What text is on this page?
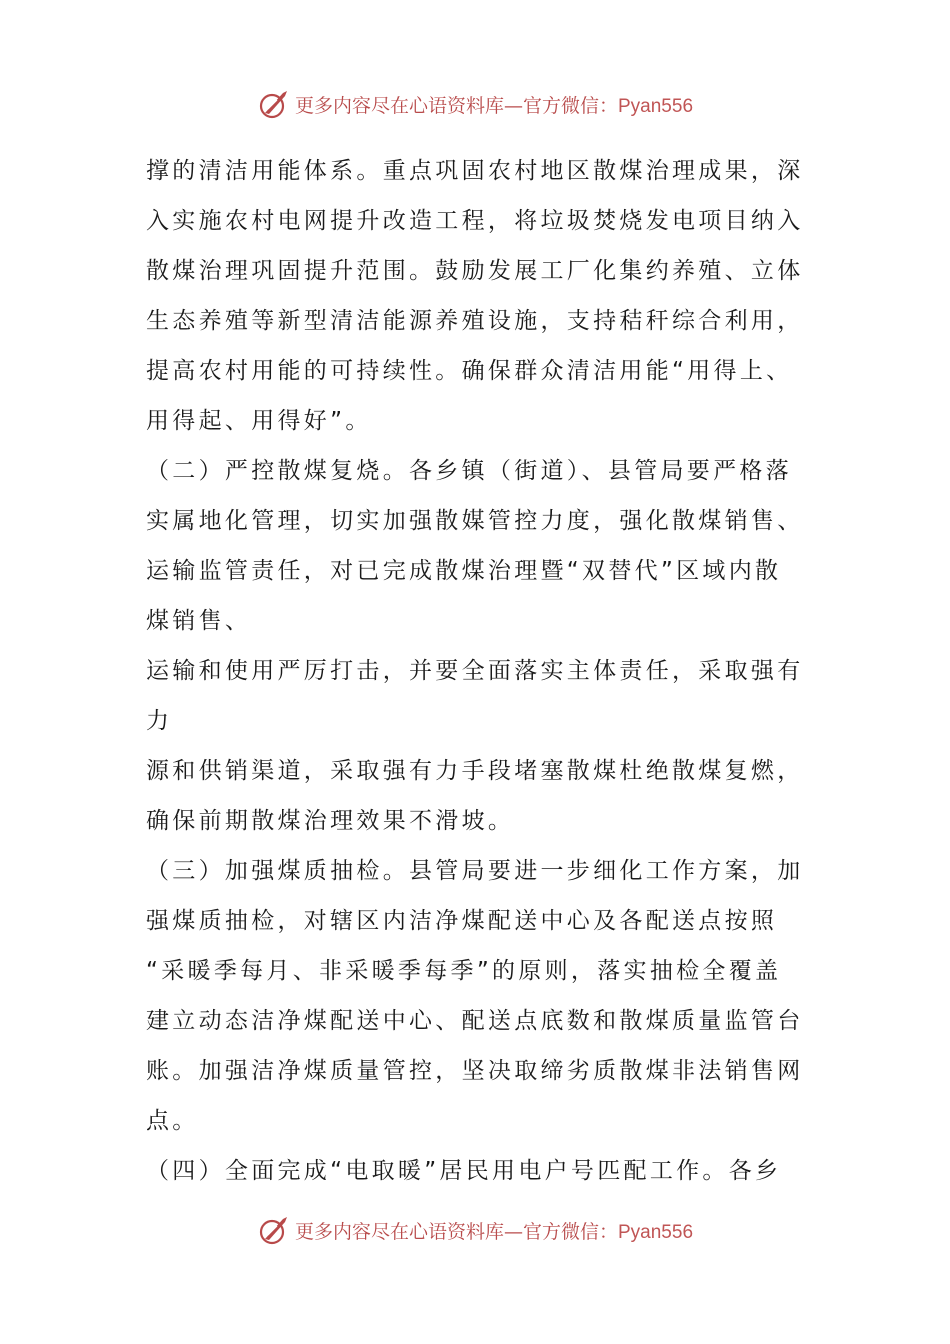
更多内容尽在心语资料库—官方微信：Pyan556
撑的清洁用能体系。重点巩固农村地区散煤治理成果，深
入实施农村电网提升改造工程，将垃圾焚烧发电项目纳入
散煤治理巩固提升范围。鼓励发展工厂化集约养殖、立体
生态养殖等新型清洁能源养殖设施，支持秸秆综合利用，
提高农村用能的可持续性。确保群众清洁用能“用得上、
用得起、用得好”。
（二）严控散煤复烧。各乡镇（街道）、县管局要严格落
实属地化管理，切实加强散媒管控力度，强化散煤销售、
运输监管责任，对已完成散煤治理暨“双替代”区域内散
煤销售、
运输和使用严厉打击，并要全面落实主体责任，采取强有
力
源和供销渠道，采取强有力手段堵塞散煤杜绝散煤复燃，
确保前期散煤治理效果不滑坡。
（三）加强煤质抽检。县管局要进一步细化工作方案，加
强煤质抽检，对辖区内洁净煤配送中心及各配送点按照
“采暖季每月、非采暖季每季”的原则，落实抽检全覆盖
建立动态洁净煤配送中心、配送点底数和散煤质量监管台
账。加强洁净煤质量管控，坚决取缔劣质散煤非法销售网
点。
（四）全面完成“电取暖”居民用电户号匹配工作。各乡
更多内容尽在心语资料库—官方微信：Pyan556
